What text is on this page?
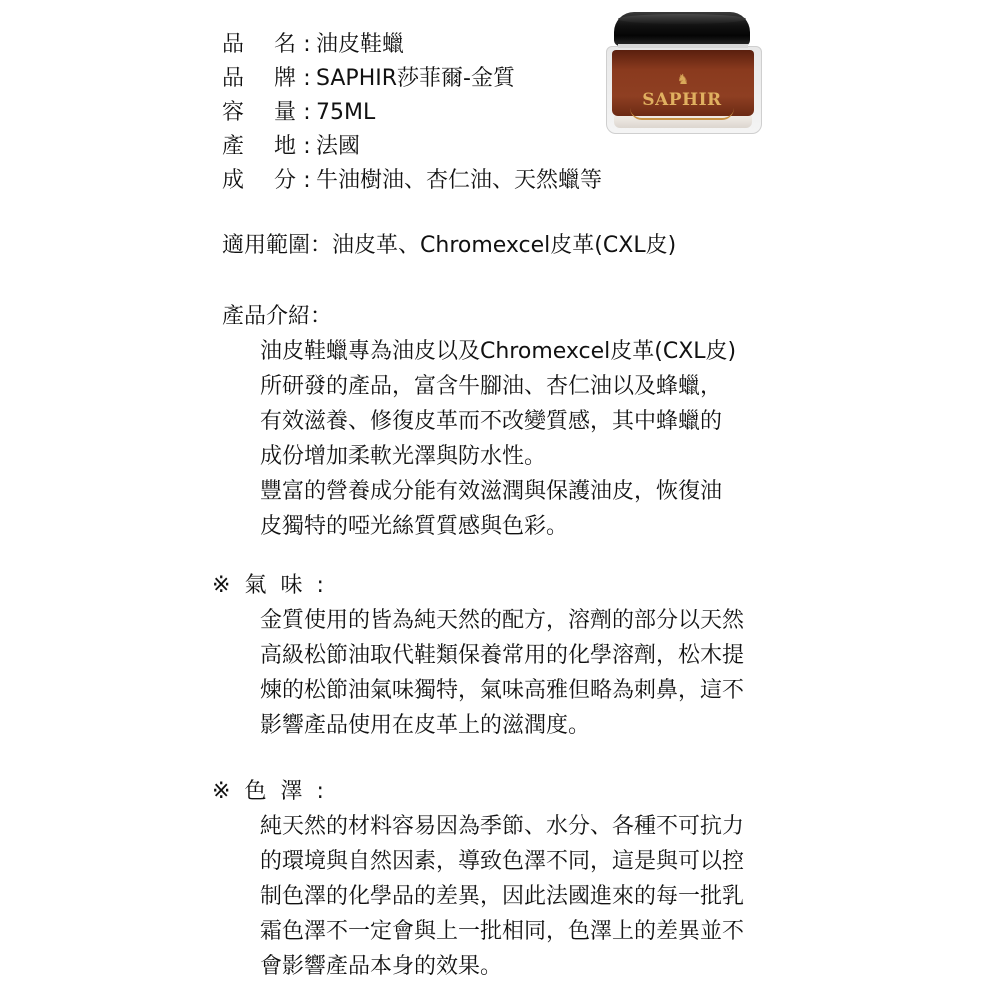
品	名 : 油皮鞋蠟
品	牌 : SAPHIR莎菲爾-金質
容	量 : 75ML
產	地 : 法國
成	分 : 牛油樹油、杏仁油、天然蠟等
♞
SAPHIR
適用範圍：油皮革、Chromexcel皮革(CXL皮)
產品介紹：
油皮鞋蠟專為油皮以及Chromexcel皮革(CXL皮)
所研發的產品，富含牛腳油、杏仁油以及蜂蠟，
有效滋養、修復皮革而不改變質感，其中蜂蠟的
成份增加柔軟光澤與防水性。
豐富的營養成分能有效滋潤與保護油皮，恢復油
皮獨特的啞光絲質質感與色彩。
※ 氣 味 :
金質使用的皆為純天然的配方，溶劑的部分以天然
高級松節油取代鞋類保養常用的化學溶劑，松木提
煉的松節油氣味獨特，氣味高雅但略為刺鼻，這不
影響產品使用在皮革上的滋潤度。
※ 色 澤 :
純天然的材料容易因為季節、水分、各種不可抗力
的環境與自然因素，導致色澤不同，這是與可以控
制色澤的化學品的差異，因此法國進來的每一批乳
霜色澤不一定會與上一批相同，色澤上的差異並不
會影響產品本身的效果。
